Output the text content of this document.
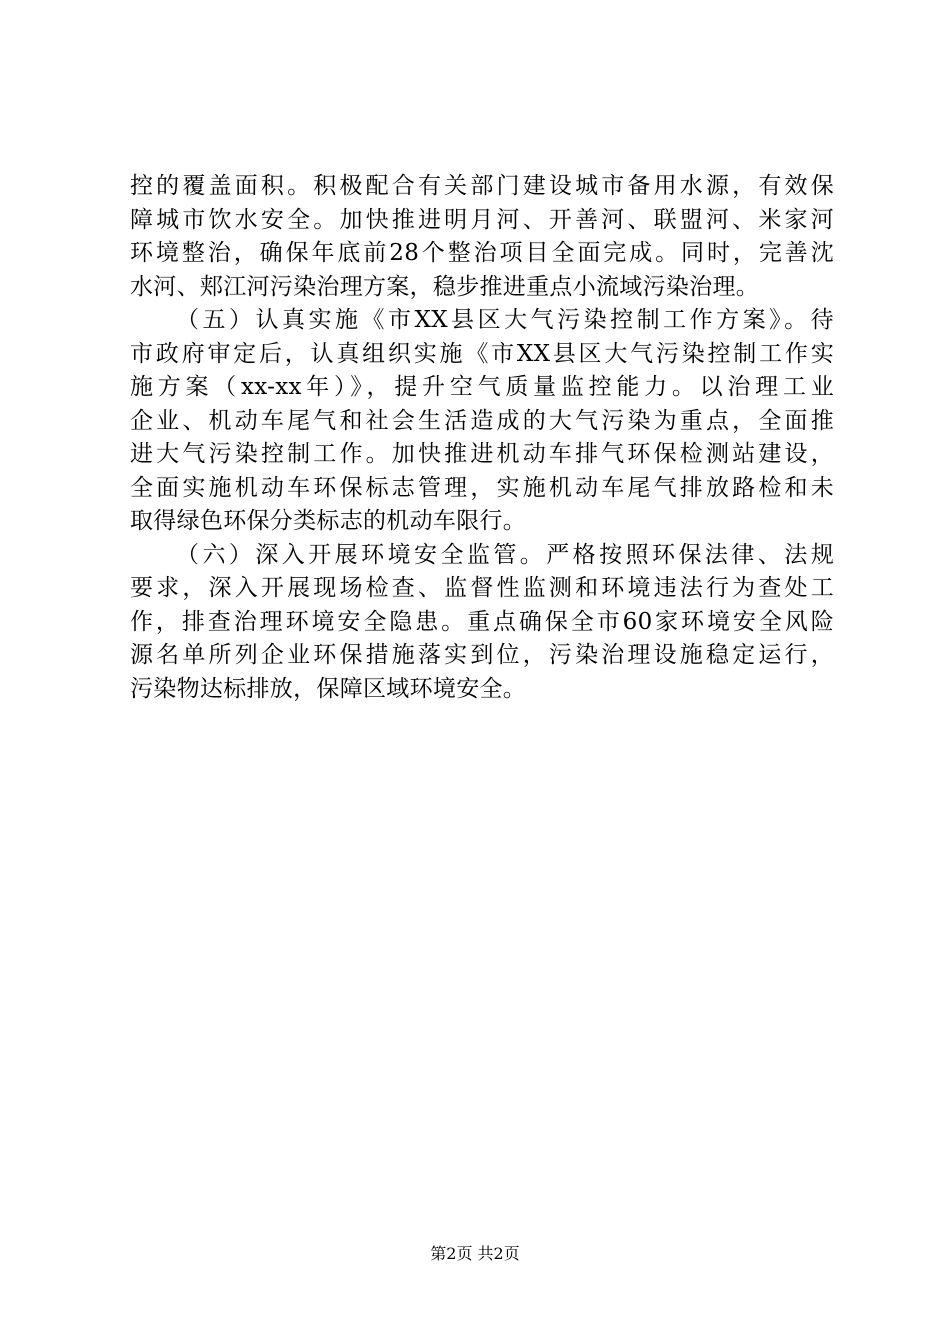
控的覆盖面积。积极配合有关部门建设城市备用水源，有效保
障城市饮水安全。加快推进明月河、开善河、联盟河、米家河
环境整治，确保年底前28个整治项目全面完成。同时，完善沈
水河、郏江河污染治理方案，稳步推进重点小流域污染治理。
（五）认真实施《市XX县区大气污染控制工作方案》。待
市政府审定后，认真组织实施《市XX县区大气污染控制工作实
施方案（xx-xx年）》，提升空气质量监控能力。以治理工业
企业、机动车尾气和社会生活造成的大气污染为重点，全面推
进大气污染控制工作。加快推进机动车排气环保检测站建设，
全面实施机动车环保标志管理，实施机动车尾气排放路检和未
取得绿色环保分类标志的机动车限行。
（六）深入开展环境安全监管。严格按照环保法律、法规
要求，深入开展现场检查、监督性监测和环境违法行为查处工
作，排查治理环境安全隐患。重点确保全市60家环境安全风险
源名单所列企业环保措施落实到位，污染治理设施稳定运行，
污染物达标排放，保障区域环境安全。
第2页 共2页
